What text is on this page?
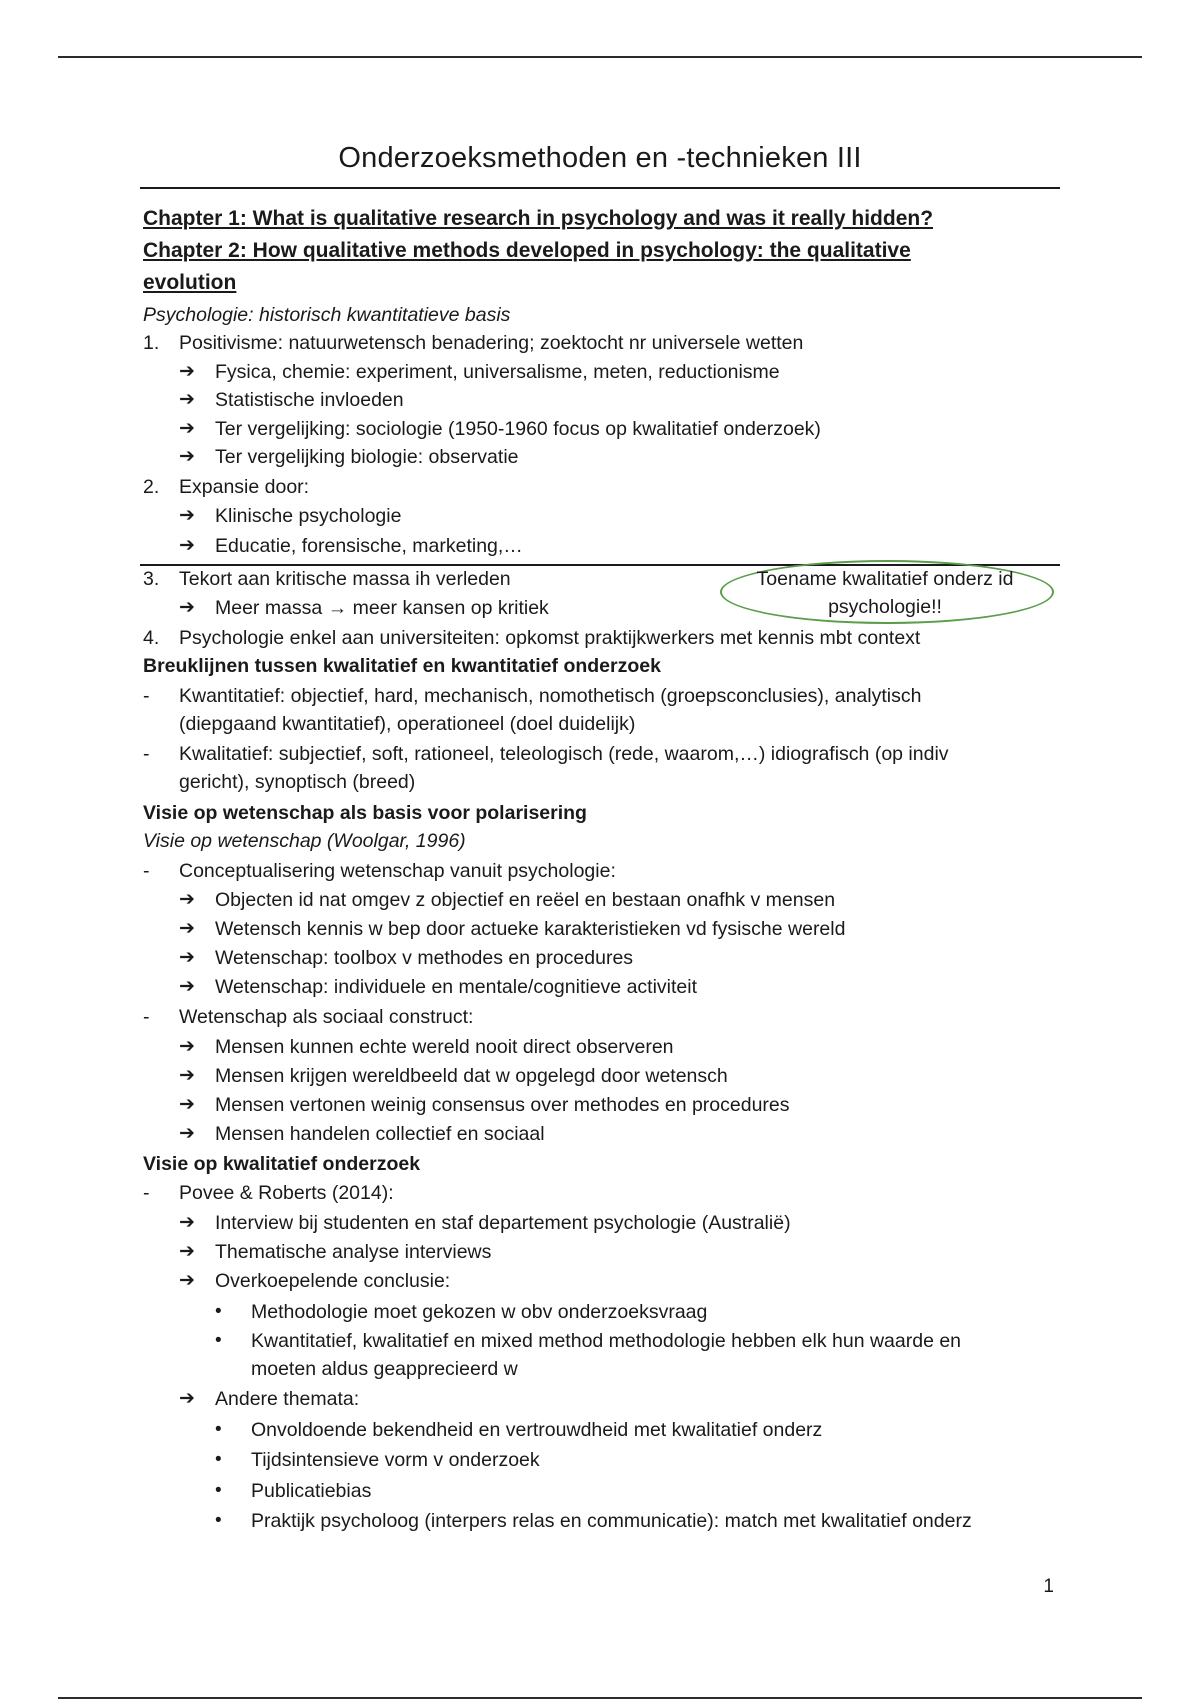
Onderzoeksmethoden en -technieken III
Chapter 1: What is qualitative research in psychology and was it really hidden?
Chapter 2: How qualitative methods developed in psychology: the qualitative
evolution
Psychologie: historisch kwantitatieve basis
1.	Positivisme: natuurwetensch benadering; zoektocht nr universele wetten
➔	Fysica, chemie: experiment, universalisme, meten, reductionisme
➔	Statistische invloeden
➔	Ter vergelijking: sociologie (1950-1960 focus op kwalitatief onderzoek)
➔	Ter vergelijking biologie: observatie
2.	Expansie door:
➔	Klinische psychologie
➔	Educatie, forensische, marketing,…
3.	Tekort aan kritische massa ih verleden
➔	Meer massa → meer kansen op kritiek
Toename kwalitatief onderz id
psychologie!!
4.	Psychologie enkel aan universiteiten: opkomst praktijkwerkers met kennis mbt context
Breuklijnen tussen kwalitatief en kwantitatief onderzoek
-	Kwantitatief: objectief, hard, mechanisch, nomothetisch (groepsconclusies), analytisch
(diepgaand kwantitatief), operationeel (doel duidelijk)
-	Kwalitatief: subjectief, soft, rationeel, teleologisch (rede, waarom,…) idiografisch (op indiv
gericht), synoptisch (breed)
Visie op wetenschap als basis voor polarisering
Visie op wetenschap (Woolgar, 1996)
-	Conceptualisering wetenschap vanuit psychologie:
➔	Objecten id nat omgev z objectief en reëel en bestaan onafhk v mensen
➔	Wetensch kennis w bep door actueke karakteristieken vd fysische wereld
➔	Wetenschap: toolbox v methodes en procedures
➔	Wetenschap: individuele en mentale/cognitieve activiteit
-	Wetenschap als sociaal construct:
➔	Mensen kunnen echte wereld nooit direct observeren
➔	Mensen krijgen wereldbeeld dat w opgelegd door wetensch
➔	Mensen vertonen weinig consensus over methodes en procedures
➔	Mensen handelen collectief en sociaal
Visie op kwalitatief onderzoek
-	Povee & Roberts (2014):
➔	Interview bij studenten en staf departement psychologie (Australië)
➔	Thematische analyse interviews
➔	Overkoepelende conclusie:
•	Methodologie moet gekozen w obv onderzoeksvraag
•	Kwantitatief, kwalitatief en mixed method methodologie hebben elk hun waarde en
moeten aldus geapprecieerd w
➔	Andere themata:
•	Onvoldoende bekendheid en vertrouwdheid met kwalitatief onderz
•	Tijdsintensieve vorm v onderzoek
•	Publicatiebias
•	Praktijk psycholoog (interpers relas en communicatie): match met kwalitatief onderz
1
